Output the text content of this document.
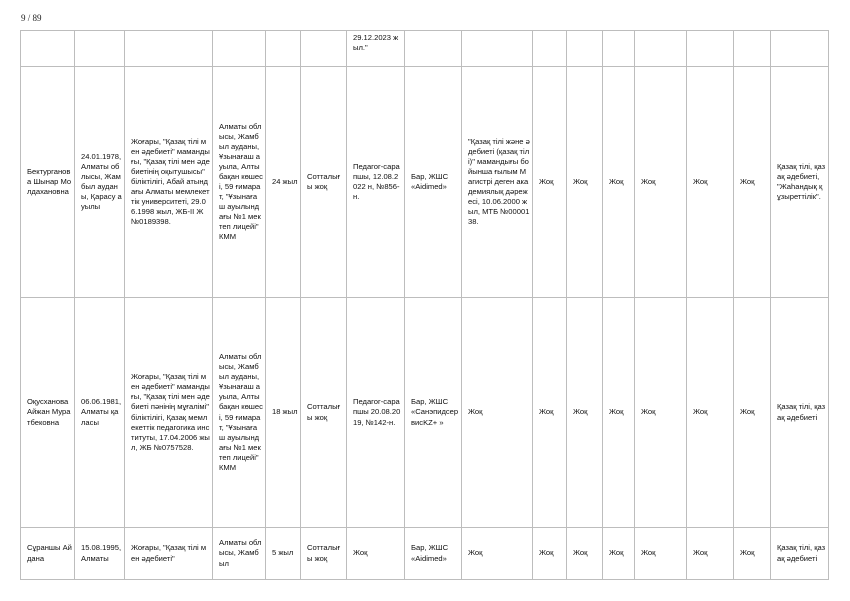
9 / 89
						29.12.2023 жыл."									
Бектурганова Шынар Молдахановна	24.01.1978, Алматы облысы, Жамбыл ауданы, Қарасу ауылы	Жоғары, "Қазақ тілі мен әдебиеті" мамандығы, "Қазақ тілі мен әдебиетінің оқытушысы" біліктілігі, Абай атындағы Алматы мемлекеттік университеті, 29.06.1998 жыл, ЖБ-ІІ Ж №0189398.	Алматы облысы, Жамбыл ауданы, Ұзынағаш ауыла, Алтыбақан көшесі, 59 ғимарат, "Ұзынағаш ауылындағы №1 мектеп лицейі" КММ	24 жыл	Сотталығы жоқ	Педагог-сарапшы, 12.08.2022 н, №856-н.	Бар, ЖШС «Aidimed»	"Қазақ тілі және әдебиеті (қазақ тілі)" мамандығы бойынша ғылым Магистрі деген академиялық дәрежесі, 10.06.2000 жыл, МТБ №0000138.	Жоқ	Жоқ	Жоқ	Жоқ	Жоқ	Жоқ	Қазақ тілі, қазақ әдебиеті, "Жаһандық құзыреттілік".
Оқусханова Айжан Муратбековна	06.06.1981, Алматы қаласы	Жоғары, "Қазақ тілі мен әдебиеті" мамандығы, "Қазақ тілі мен әдебиеті пәнінің мұғалімі" біліктілігі, Қазақ мемлекеттік педагогика институты, 17.04.2006 жыл, ЖБ №0757528.	Алматы облысы, Жамбыл ауданы, Ұзынағаш ауыла, Алтыбақан көшесі, 59 ғимарат, "Ұзынағаш ауылындағы №1 мектеп лицейі" КММ	18 жыл	Сотталығы жоқ	Педагог-сарапшы 20.08.2019, №142-н.	Бар, ЖШС «СанэпидсервисKZ+ »	Жоқ	Жоқ	Жоқ	Жоқ	Жоқ	Жоқ	Жоқ	Қазақ тілі, қазақ әдебиеті
Сұраншы Айдана	15.08.1995, Алматы	Жоғары, "Қазақ тілі мен әдебиеті"	Алматы облысы, Жамбыл	5 жыл	Сотталығы жоқ	Жоқ	Бар, ЖШС «Aidimed»	Жоқ	Жоқ	Жоқ	Жоқ	Жоқ	Жоқ	Жоқ	Қазақ тілі, қазақ әдебиеті
